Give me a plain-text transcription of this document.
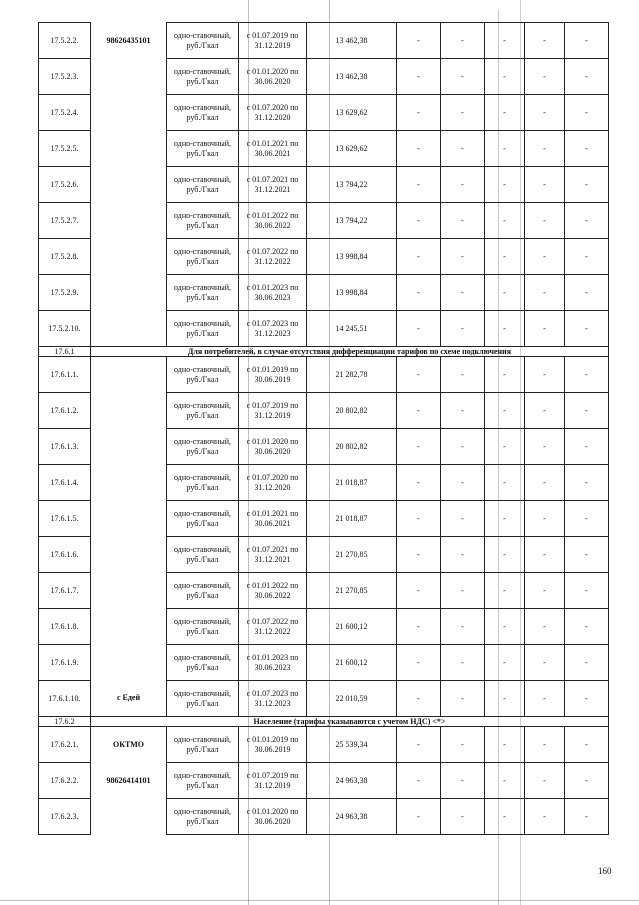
17.5.2.2.	98626435101	одно-ставочный, руб./Гкал	с 01.07.2019 по 31.12.2019	13 462,38	-	-	-	-	-
17.5.2.3.		одно-ставочный, руб./Гкал	с 01.01.2020 по 30.06.2020	13 462,38	-	-	-	-	-
17.5.2.4.		одно-ставочный, руб./Гкал	с 01.07.2020 по 31.12.2020	13 629,62	-	-	-	-	-
17.5.2.5.		одно-ставочный, руб./Гкал	с 01.01.2021 по 30.06.2021	13 629,62	-	-	-	-	-
17.5.2.6.		одно-ставочный, руб./Гкал	с 01.07.2021 по 31.12.2021	13 794,22	-	-	-	-	-
17.5.2.7.		одно-ставочный, руб./Гкал	с 01.01.2022 по 30.06.2022	13 794,22	-	-	-	-	-
17.5.2.8.		одно-ставочный, руб./Гкал	с 01.07.2022 по 31.12.2022	13 998,84	-	-	-	-	-
17.5.2.9.		одно-ставочный, руб./Гкал	с 01.01.2023 по 30.06.2023	13 998,84	-	-	-	-	-
17.5.2.10.		одно-ставочный, руб./Гкал	с 01.07.2023 по 31.12.2023	14 245,51	-	-	-	-	-
17.6.1	Для потребителей, в случае отсутствия дифференциации тарифов по схеме подключения								
17.6.1.1.		одно-ставочный, руб./Гкал	с 01.01.2019 по 30.06.2019	21 282,78	-	-	-	-	-
17.6.1.2.		одно-ставочный, руб./Гкал	с 01.07.2019 по 31.12.2019	20 802,82	-	-	-	-	-
17.6.1.3.		одно-ставочный, руб./Гкал	с 01.01.2020 по 30.06.2020	20 802,82	-	-	-	-	-
17.6.1.4.		одно-ставочный, руб./Гкал	с 01.07.2020 по 31.12.2020	21 018,87	-	-	-	-	-
17.6.1.5.		одно-ставочный, руб./Гкал	с 01.01.2021 по 30.06.2021	21 018,87	-	-	-	-	-
17.6.1.6.		одно-ставочный, руб./Гкал	с 01.07.2021 по 31.12.2021	21 270,85	-	-	-	-	-
17.6.1.7.		одно-ставочный, руб./Гкал	с 01.01.2022 по 30.06.2022	21 270,85	-	-	-	-	-
17.6.1.8.		одно-ставочный, руб./Гкал	с 01.07.2022 по 31.12.2022	21 600,12	-	-	-	-	-
17.6.1.9.		одно-ставочный, руб./Гкал	с 01.01.2023 по 30.06.2023	21 600,12	-	-	-	-	-
17.6.1.10.	с Едей	одно-ставочный, руб./Гкал	с 01.07.2023 по 31.12.2023	22 010,59	-	-	-	-	-
17.6.2	Население (тарифы указываются с учетом НДС) <*>								
17.6.2.1.	ОКТМО	одно-ставочный, руб./Гкал	с 01.01.2019 по 30.06.2019	25 539,34	-	-	-	-	-
17.6.2.2.	98626414101	одно-ставочный, руб./Гкал	с 01.07.2019 по 31.12.2019	24 963,38	-	-	-	-	-
17.6.2.3.		одно-ставочный, руб./Гкал	с 01.01.2020 по 30.06.2020	24 963,38	-	-	-	-	-
160
